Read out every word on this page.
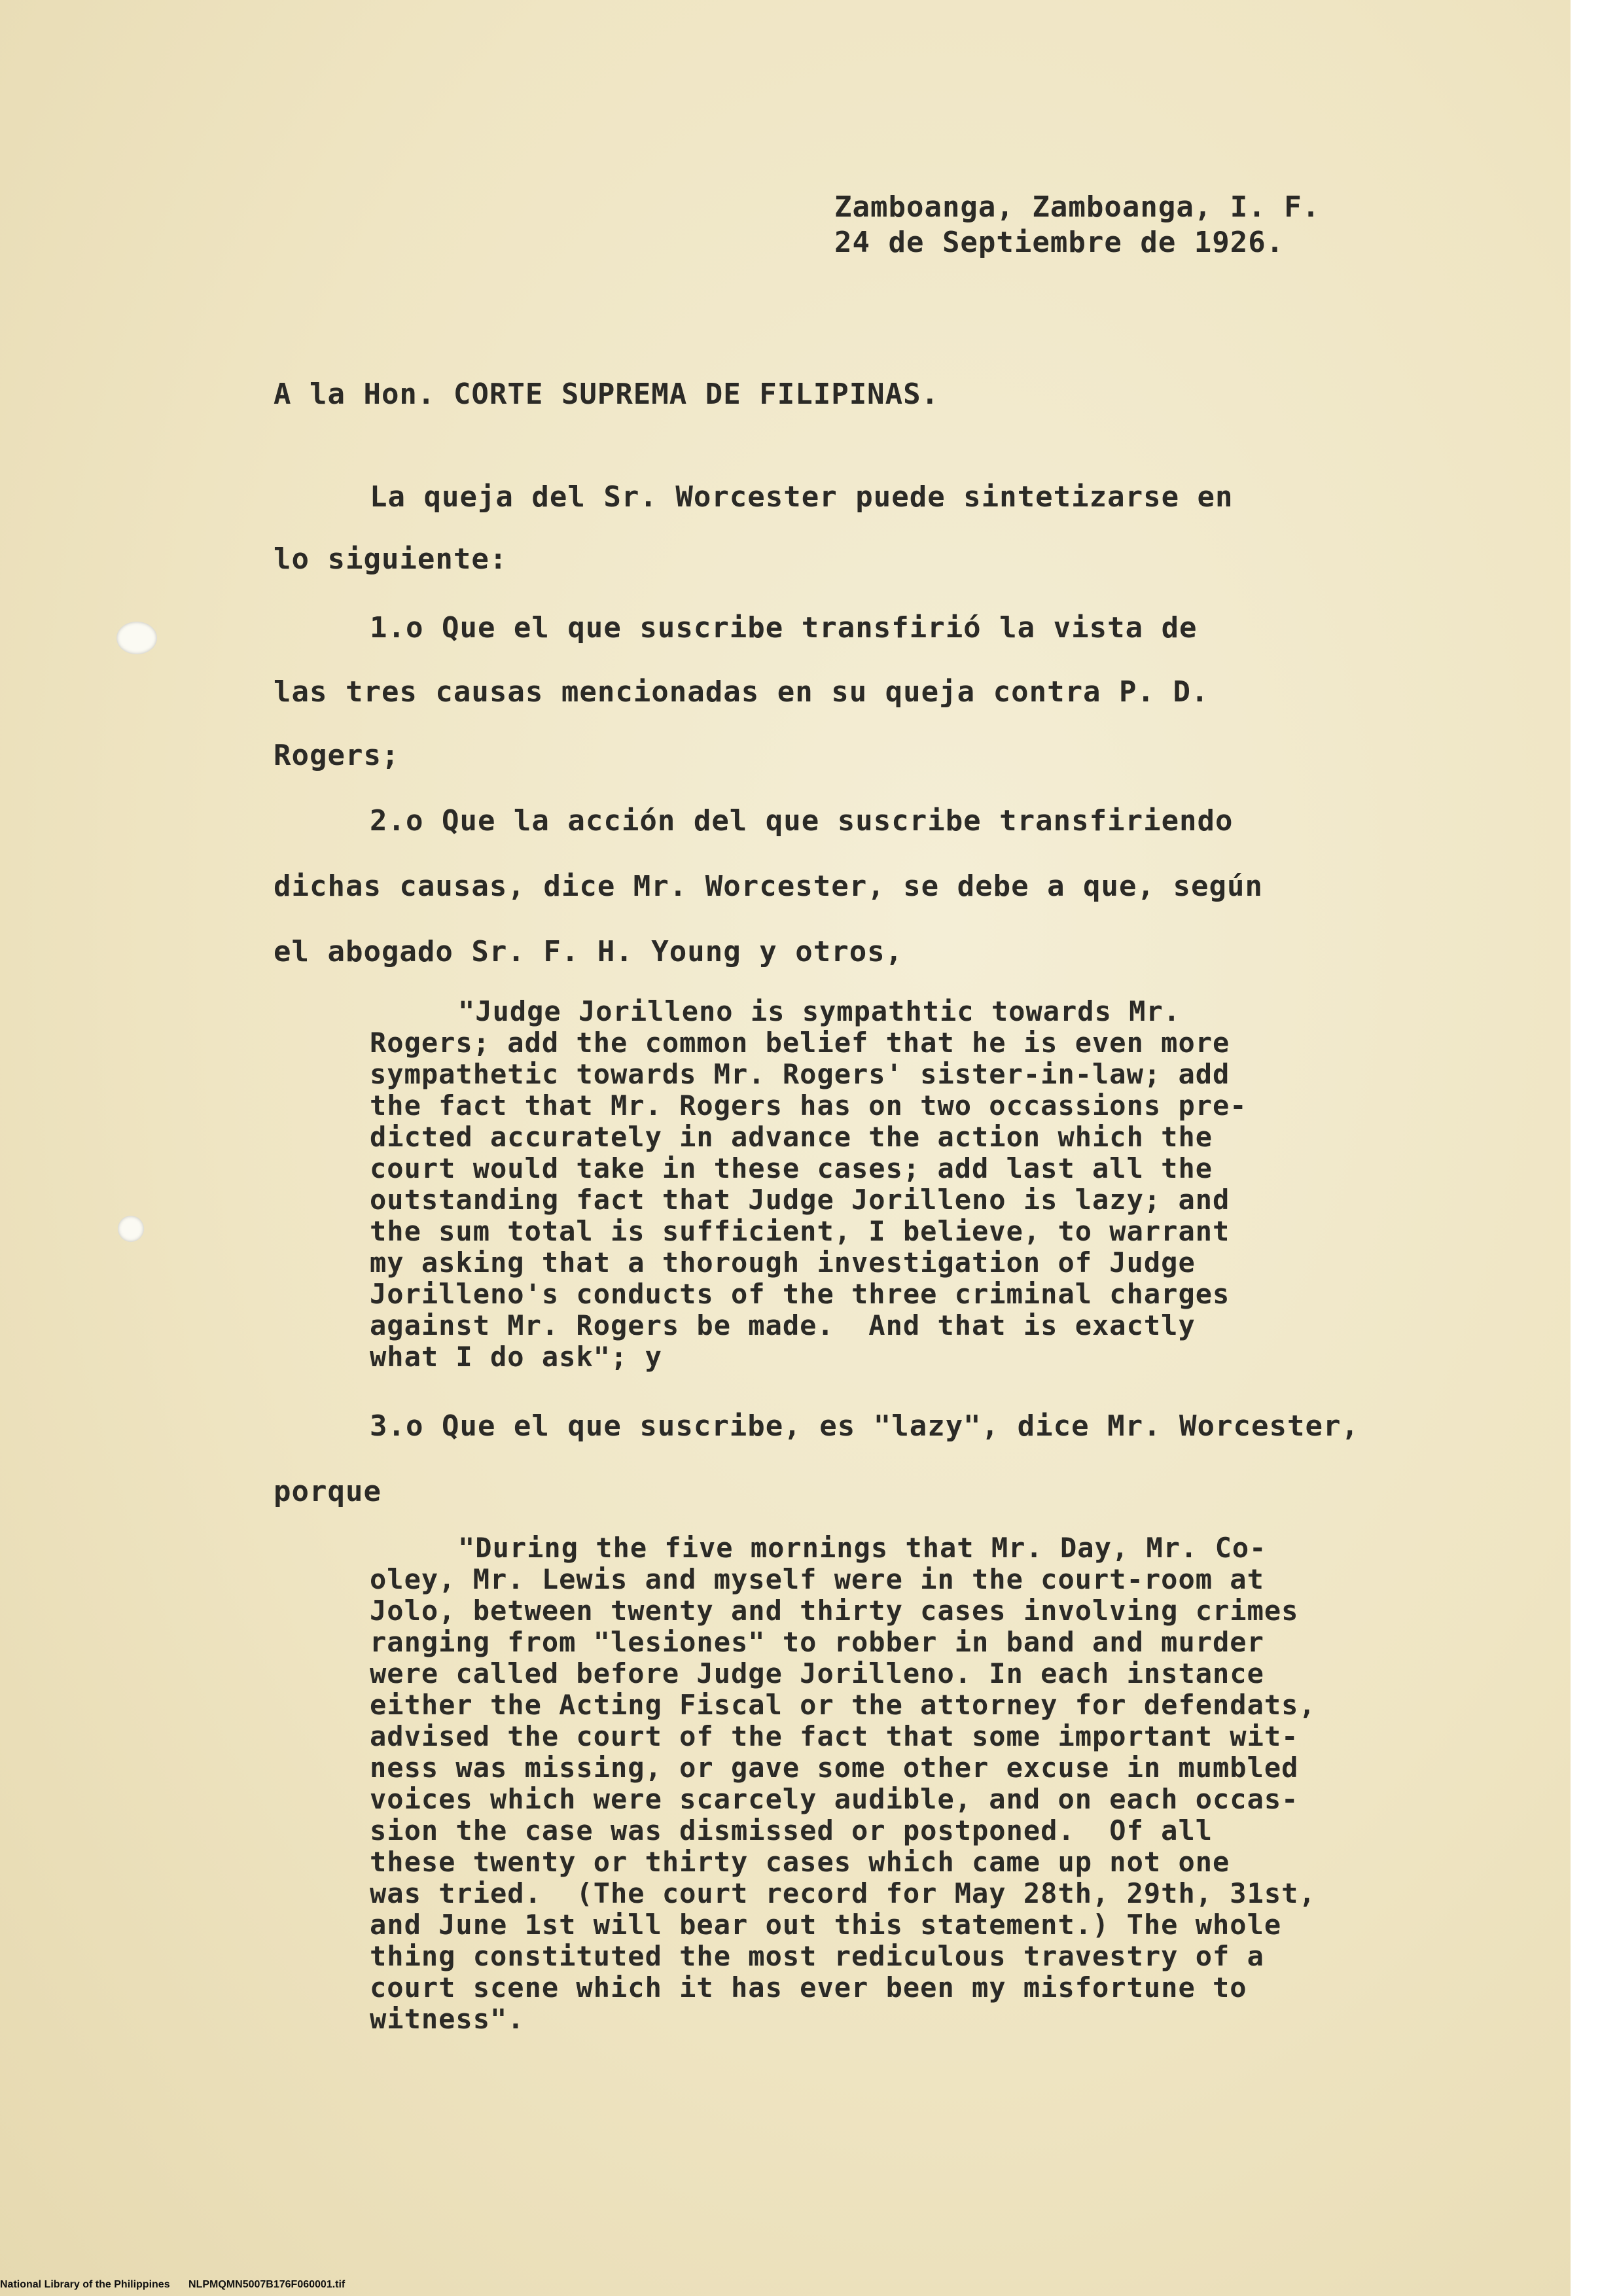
Zamboanga, Zamboanga, I. F.

24 de Septiembre de 1926.

A la Hon. CORTE SUPREMA DE FILIPINAS.

La queja del Sr. Worcester puede sintetizarse en

lo siguiente:

1.o Que el que suscribe transfirió la vista de

las tres causas mencionadas en su queja contra P. D.

Rogers;

2.o Que la acción del que suscribe transfiriendo

dichas causas, dice Mr. Worcester, se debe a que, según

el abogado Sr. F. H. Young y otros,

"Judge Jorilleno is sympathtic towards Mr.

Rogers; add the common belief that he is even more

sympathetic towards Mr. Rogers' sister-in-law; add

the fact that Mr. Rogers has on two occassions pre-

dicted accurately in advance the action which the

court would take in these cases; add last all the

outstanding fact that Judge Jorilleno is lazy; and

the sum total is sufficient, I believe, to warrant

my asking that a thorough investigation of Judge

Jorilleno's conducts of the three criminal charges

against Mr. Rogers be made.  And that is exactly

what I do ask"; y

3.o Que el que suscribe, es "lazy", dice Mr. Worcester,

porque

"During the five mornings that Mr. Day, Mr. Co-

oley, Mr. Lewis and myself were in the court-room at

Jolo, between twenty and thirty cases involving crimes

ranging from "lesiones" to robber in band and murder

were called before Judge Jorilleno. In each instance

either the Acting Fiscal or the attorney for defendats,

advised the court of the fact that some important wit-

ness was missing, or gave some other excuse in mumbled

voices which were scarcely audible, and on each occas-

sion the case was dismissed or postponed.  Of all

these twenty or thirty cases which came up not one

was tried.  (The court record for May 28th, 29th, 31st,

and June 1st will bear out this statement.) The whole

thing constituted the most rediculous travestry of a

court scene which it has ever been my misfortune to

witness".

National Library of the Philippines NLPMQMN5007B176F060001.tif
